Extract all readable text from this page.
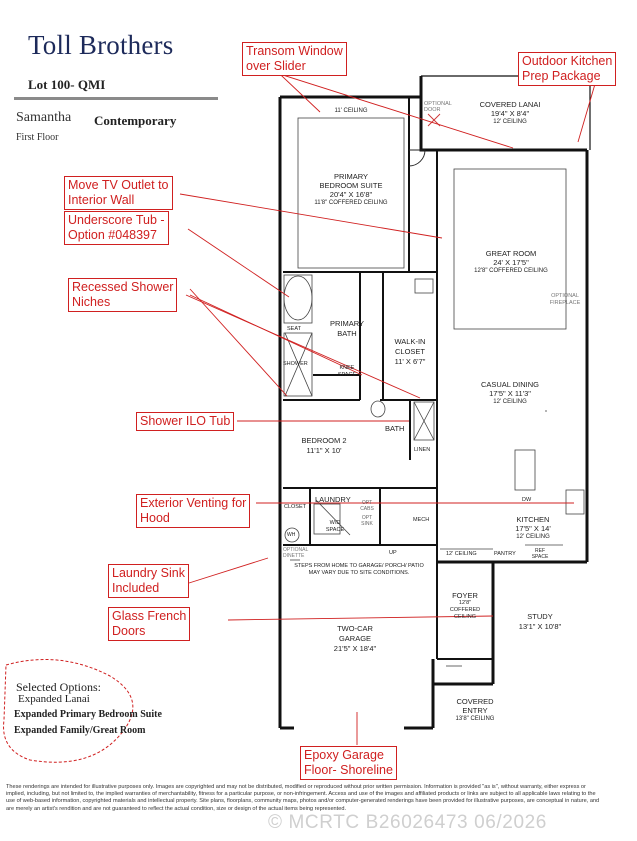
Toll Brothers
Lot 100- QMI
Samantha Contemporary
First Floor
11' CEILING
PRIMARY
BEDROOM SUITE
20'4" X 16'8"
11'8" COFFERED CEILING
OPTIONAL DOOR
COVERED LANAI
19'4" X 8'4"
12' CEILING
GREAT ROOM
24' X 17'5"
12'8" COFFERED CEILING
OPTIONAL FIREPLACE
PRIMARY
BATH
SEAT
SHOWER
KNEE SPACE
WALK-IN
CLOSET
11' X 6'7"
CASUAL DINING
17'5" X 11'3"
12' CEILING
BEDROOM 2
11'1" X 10'
BATH
LINEN
LAUNDRY
W/D SPACE
OPT CABS
OPT SINK
CLOSET
MECH
WH
OPTIONAL DINETTE	UP
STEPS FROM HOME TO GARAGE/ PORCH/ PATIO MAY VARY DUE TO SITE CONDITIONS.
DW
KITCHEN
17'5" X 14'
12' CEILING
PANTRY	REF SPACE
12' CEILING
FOYER
12'8"
COFFERED
CEILING	STUDY
13'1" X 10'8"
TWO-CAR
GARAGE
21'5" X 18'4"
COVERED
ENTRY
13'8" CEILING
Transom Window
over Slider	Outdoor Kitchen
Prep Package
Move TV Outlet to
Interior Wall
Underscore Tub -
Option #048397
Recessed Shower
Niches
Shower ILO Tub
Exterior Venting for
Hood
Laundry Sink
Included
Glass French
Doors
Epoxy Garage
Floor- Shoreline
Selected Options:
Expanded Lanai
Expanded Primary Bedroom Suite
Expanded Family/Great Room
These renderings are intended for illustrative purposes only. Images are copyrighted and may not be distributed, modified or reproduced without prior written permission. Information is provided "as is", without warranty, either express or implied, including, but not limited to, the implied warranties of merchantability, fitness for a particular purpose, or non-infringement. Access and use of the images and affiliated products or links are subject to all applicable laws relating to the use of web-based information, copyrighted materials and intellectual property. Site plans, floorplans, community maps, photos and/or computer-generated renderings have been provided for illustrative purposes, are conceptual in nature, and are merely an artist's rendition and are not guaranteed to reflect the actual condition, size or design of the actual items being represented.
© MCRTC B26026473 06/2026
